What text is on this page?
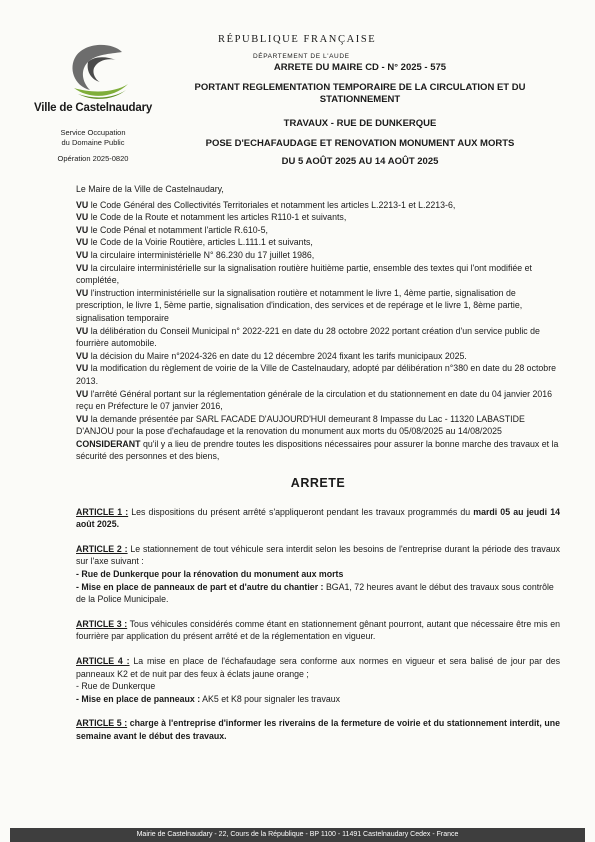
Ville de Castelnaudary
Service Occupation
du Domaine Public
Opération 2025-0820
RÉPUBLIQUE FRANÇAISE
DÉPARTEMENT DE L'AUDE
ARRETE DU MAIRE CD - N° 2025 - 575
PORTANT REGLEMENTATION TEMPORAIRE DE LA CIRCULATION ET DU STATIONNEMENT
TRAVAUX - RUE DE DUNKERQUE
POSE D'ECHAFAUDAGE ET RENOVATION MONUMENT AUX MORTS
DU 5 AOÛT 2025 AU 14 AOÛT 2025

Le Maire de la Ville de Castelnaudary,

VU le Code Général des Collectivités Territoriales et notamment les articles L.2213-1 et L.2213-6,

VU le Code de la Route et notamment les articles R110-1 et suivants,

VU le Code Pénal et notamment l'article R.610-5,

VU le Code de la Voirie Routière, articles L.111.1 et suivants,

VU la circulaire interministérielle N° 86.230 du 17 juillet 1986,

VU la circulaire interministérielle sur la signalisation routière huitième partie, ensemble des textes qui l'ont modifiée et complétée,

VU l'instruction interministérielle sur la signalisation routière et notamment le livre 1, 4ème partie, signalisation de prescription, le livre 1, 5ème partie, signalisation d'indication, des services et de repérage et le livre 1, 8ème partie, signalisation temporaire

VU la délibération du Conseil Municipal n° 2022-221 en date du 28 octobre 2022 portant création d'un service public de fourrière automobile.

VU la décision du Maire n°2024-326 en date du 12 décembre 2024 fixant les tarifs municipaux 2025.

VU la modification du règlement de voirie de la Ville de Castelnaudary, adopté par délibération n°380 en date du 28 octobre 2013.

VU l'arrêté Général portant sur la réglementation générale de la circulation et du stationnement en date du 04 janvier 2016 reçu en Préfecture le 07 janvier 2016,

VU la demande présentée par SARL FACADE D'AUJOURD'HUI demeurant 8 Impasse du Lac - 11320 LABASTIDE D'ANJOU pour la pose d'echafaudage et la renovation du monument aux morts du 05/08/2025 au 14/08/2025

CONSIDERANT qu'il y a lieu de prendre toutes les dispositions nécessaires pour assurer la bonne marche des travaux et la sécurité des personnes et des biens,

ARRETE

ARTICLE 1 : Les dispositions du présent arrêté s'appliqueront pendant les travaux programmés du mardi 05 au jeudi 14 août 2025.

ARTICLE 2 : Le stationnement de tout véhicule sera interdit selon les besoins de l'entreprise durant la période des travaux sur l'axe suivant :

- Rue de Dunkerque pour la rénovation du monument aux morts

- Mise en place de panneaux de part et d'autre du chantier : BGA1, 72 heures avant le début des travaux sous contrôle de la Police Municipale.

ARTICLE 3 : Tous véhicules considérés comme étant en stationnement gênant pourront, autant que nécessaire être mis en fourrière par application du présent arrêté et de la réglementation en vigueur.

ARTICLE 4 : La mise en place de l'échafaudage sera conforme aux normes en vigueur et sera balisé de jour par des panneaux K2 et de nuit par des feux à éclats jaune orange ;

- Rue de Dunkerque

- Mise en place de panneaux : AK5 et K8 pour signaler les travaux

ARTICLE 5 : charge à l'entreprise d'informer les riverains de la fermeture de voirie et du stationnement interdit, une semaine avant le début des travaux.

Mairie de Castelnaudary - 22, Cours de la République - BP 1100 - 11491 Castelnaudary Cedex - France
